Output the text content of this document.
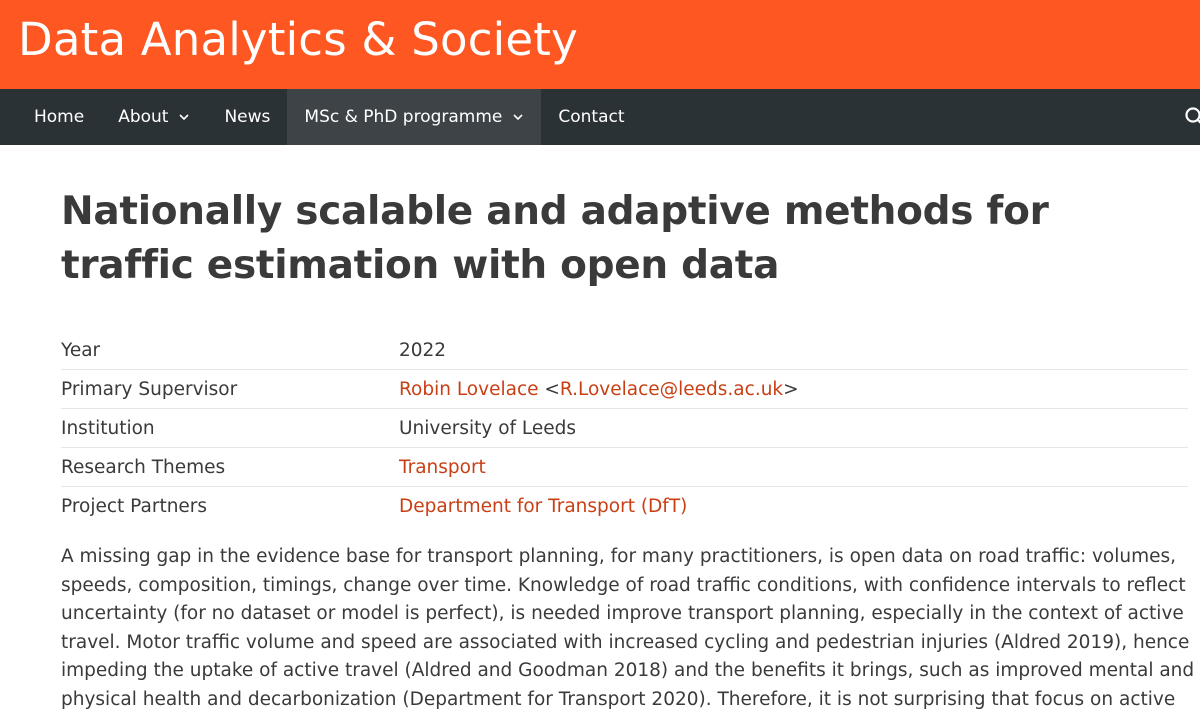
Data Analytics & Society
Home About	News MSc & PhD programme	Contact
Nationally scalable and adaptive methods for traffic estimation with open data
Year	2022
Primary Supervisor	Robin Lovelace <R.Lovelace@leeds.ac.uk>
Institution	University of Leeds
Research Themes	Transport
Project Partners	Department for Transport (DfT)

A missing gap in the evidence base for transport planning, for many practitioners, is open data on road traffic: volumes, speeds, composition, timings, change over time. Knowledge of road traffic conditions, with confidence intervals to reflect uncertainty (for no dataset or model is perfect), is needed improve transport planning, especially in the context of active travel. Motor traffic volume and speed are associated with increased cycling and pedestrian injuries (Aldred 2019), hence impeding the uptake of active travel (Aldred and Goodman 2018) and the benefits it brings, such as improved mental and physical health and decarbonization (Department for Transport 2020). Therefore, it is not surprising that focus on active
